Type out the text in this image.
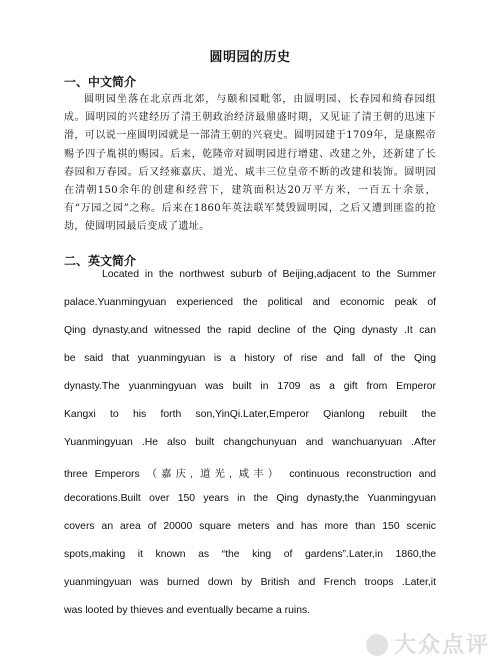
圆明园的历史
一、中文简介
圆明园坐落在北京西北郊，与颐和园毗邻，由圆明园、长春园和绮春园组成。圆明园的兴建经历了清王朝政治经济最鼎盛时期，又见证了清王朝的迅速下滑，可以说一座圆明园就是一部清王朝的兴衰史。圆明园建于1709年，是康熙帝赐予四子胤祺的赐园。后来，乾隆帝对圆明园进行增建、改建之外，还新建了长春园和万春园。后又经雍嘉庆、道光、咸丰三位皇帝不断的改建和装饰。圆明园在清朝150余年的创建和经营下，建筑面积达20万平方米，一百五十余景，有“万园之园”之称。后来在1860年英法联军焚毁圆明园，之后又遭到匪盗的抢劫，使圆明园最后变成了遗址。
二、英文简介
Located in the northwest suburb of Beijing,adjacent to the Summer
palace.Yuanmingyuan experienced the political and economic peak of
Qing dynasty,and witnessed the rapid decline of the Qing dynasty .It can
be said that yuanmingyuan is a history of rise and fall of the Qing
dynasty.The yuanmingyuan was built in 1709 as a gift from Emperor
Kangxi to his forth son,YinQi.Later,Emperor Qianlong rebuilt the
Yuanmingyuan .He also built changchunyuan and wanchuanyuan .After
three Emperors （嘉庆, 道光, 咸丰） continuous reconstruction and
decorations.Built over 150 years in the Qing dynasty,the Yuanmingyuan
covers an area of 20000 square meters and has more than 150 scenic
spots,making it known as “the king of gardens”.Later,in 1860,the
yuanmingyuan was burned down by British and French troops .Later,it
was looted by thieves and eventually became a ruins.
大众点评
